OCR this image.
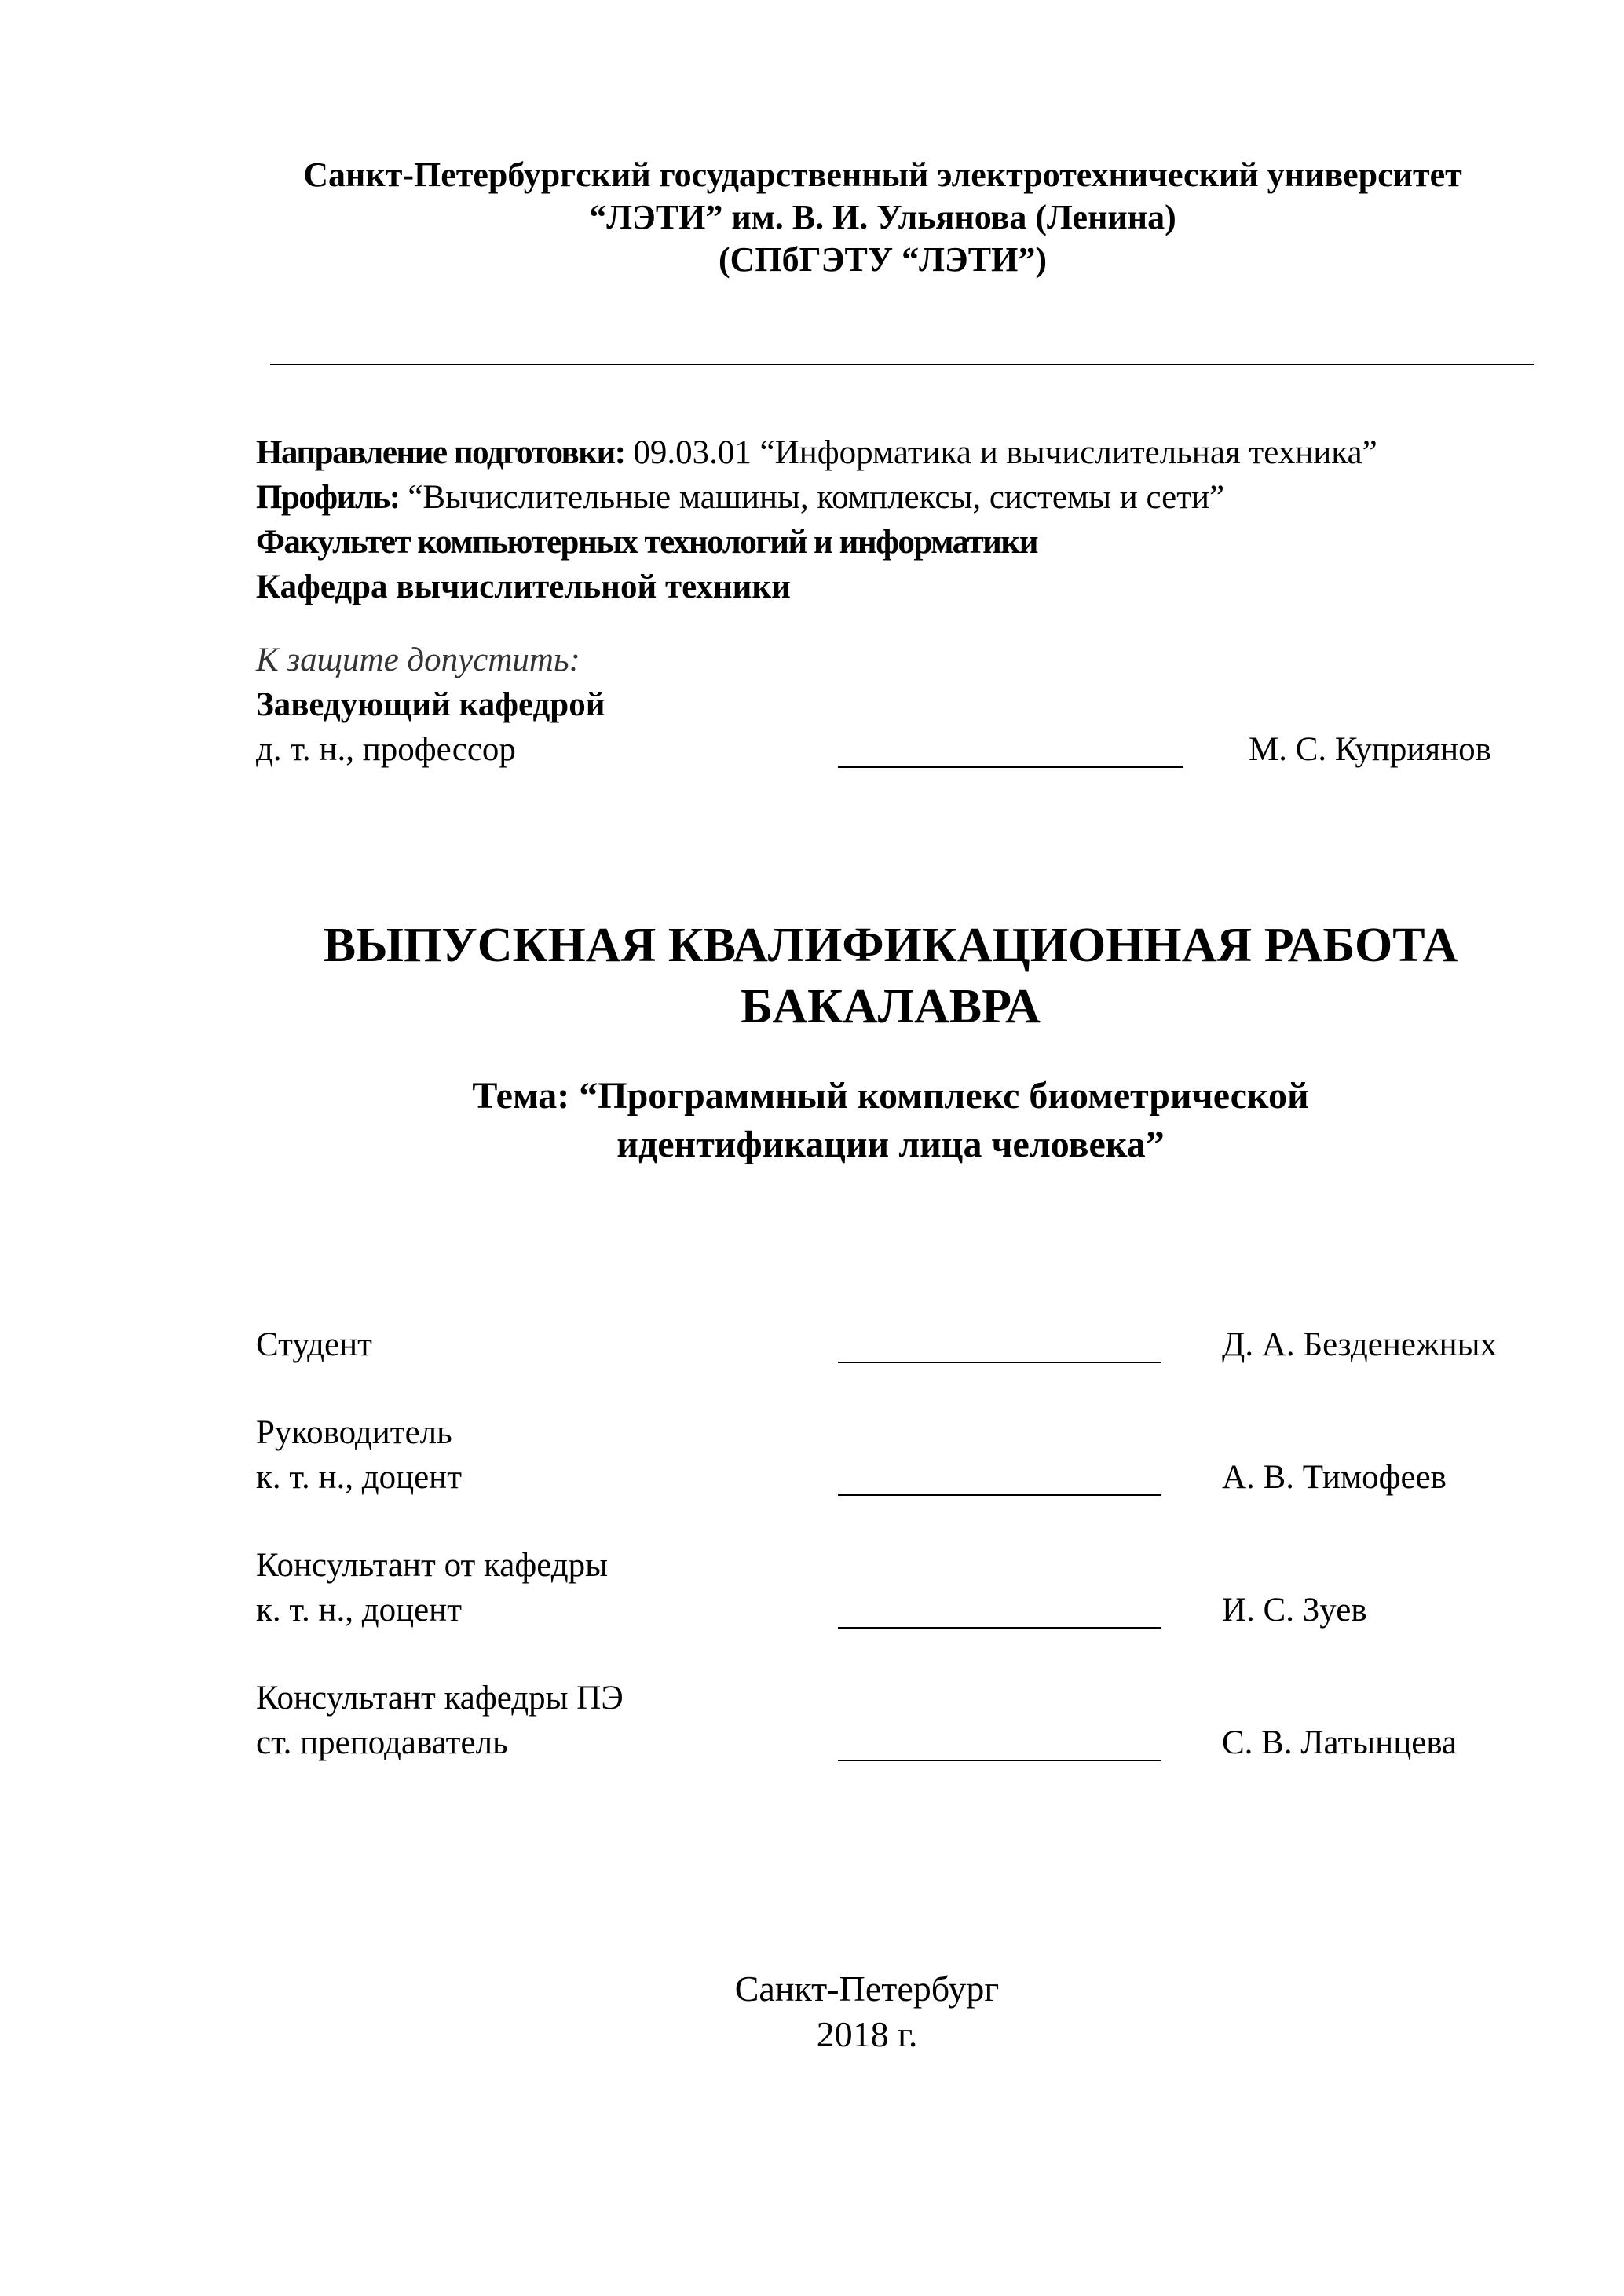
Санкт-Петербургский государственный электротехнический университет
“ЛЭТИ” им. В. И. Ульянова (Ленина)
(СПбГЭТУ “ЛЭТИ”)
Направление подготовки: 09.03.01 “Информатика и вычислительная техника”
Профиль: “Вычислительные машины, комплексы, системы и сети”
Факультет компьютерных технологий и информатики
Кафедра вычислительной техники
К защите допустить:
Заведующий кафедрой
д. т. н., профессор	М. С. Куприянов
ВЫПУСКНАЯ КВАЛИФИКАЦИОННАЯ РАБОТА
БАКАЛАВРА
Тема: “Программный комплекс биометрической
идентификации лица человека”
Студент	Д. А. Безденежных
Руководитель
к. т. н., доцент	А. В. Тимофеев
Консультант от кафедры
к. т. н., доцент	И. С. Зуев
Консультант кафедры ПЭ
ст. преподаватель	С. В. Латынцева
Санкт-Петербург
2018 г.
